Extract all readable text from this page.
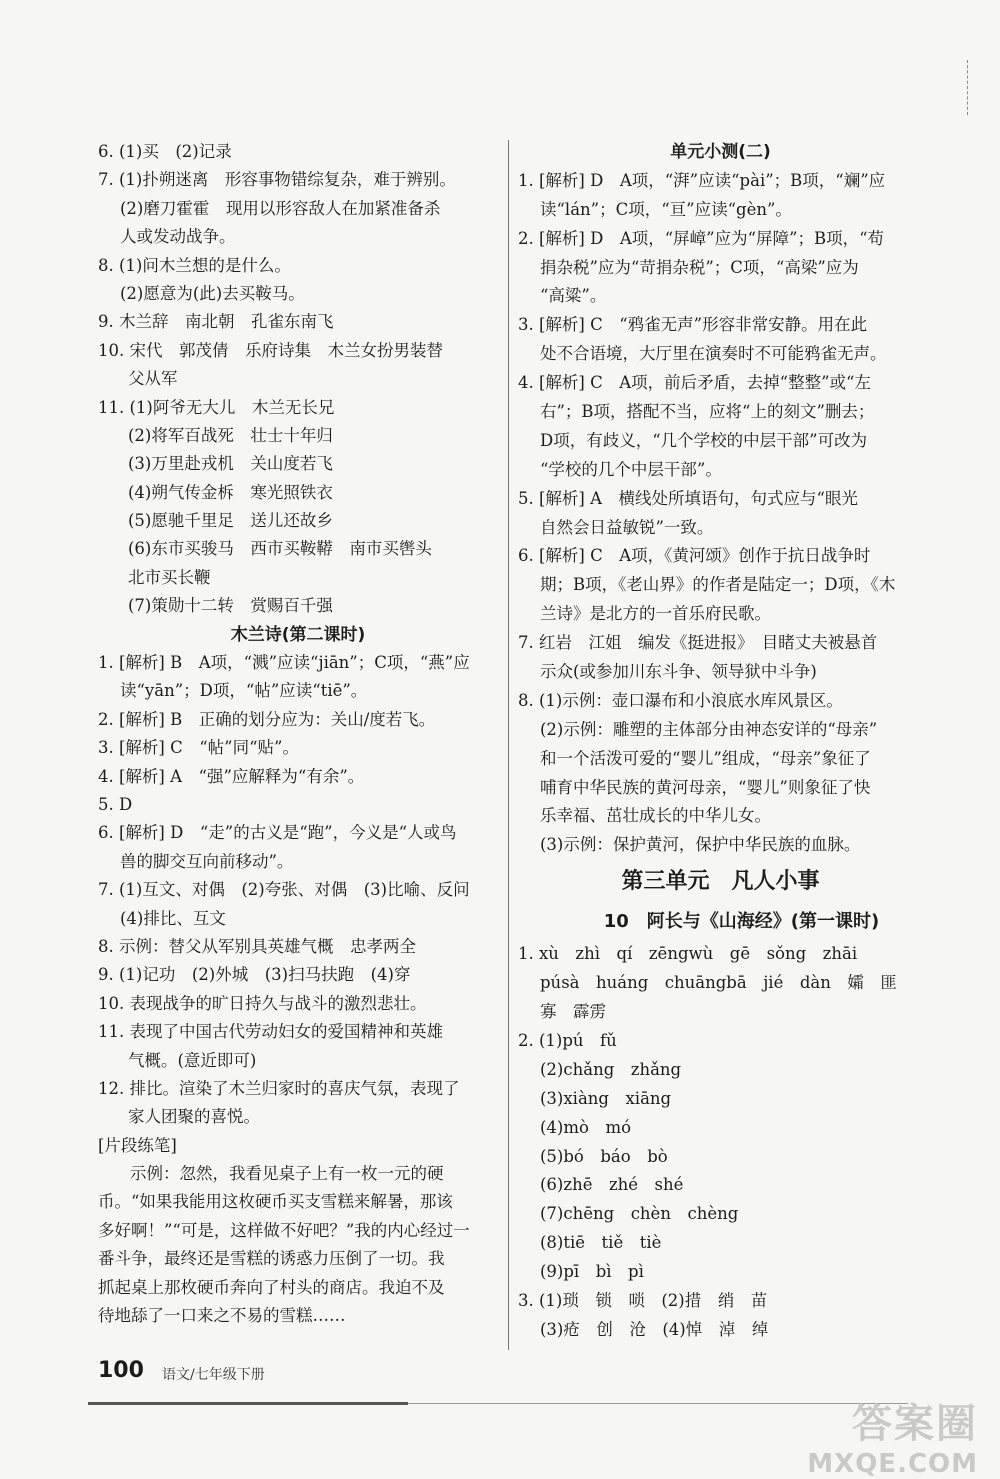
6. (1)买　(2)记录
7. (1)扑朔迷离　形容事物错综复杂，难于辨别。
(2)磨刀霍霍　现用以形容敌人在加紧准备杀
人或发动战争。
8. (1)问木兰想的是什么。
(2)愿意为(此)去买鞍马。
9. 木兰辞　南北朝　孔雀东南飞
10. 宋代　郭茂倩　乐府诗集　木兰女扮男装替
父从军
11. (1)阿爷无大儿　木兰无长兄
(2)将军百战死　壮士十年归
(3)万里赴戎机　关山度若飞
(4)朔气传金柝　寒光照铁衣
(5)愿驰千里足　送儿还故乡
(6)东市买骏马　西市买鞍鞯　南市买辔头
北市买长鞭
(7)策勋十二转　赏赐百千强
木兰诗(第二课时)
1. [解析] B　A项，“溅”应读“jiān”；C项，“燕”应
读“yān”；D项，“帖”应读“tiē”。
2. [解析] B　正确的划分应为：关山/度若飞。
3. [解析] C　“帖”同“贴”。
4. [解析] A　“强”应解释为“有余”。
5. D
6. [解析] D　“走”的古义是“跑”，今义是“人或鸟
兽的脚交互向前移动”。
7. (1)互文、对偶　(2)夸张、对偶　(3)比喻、反问
(4)排比、互文
8. 示例：替父从军别具英雄气概　忠孝两全
9. (1)记功　(2)外城　(3)扫马扶跑　(4)穿
10. 表现战争的旷日持久与战斗的激烈悲壮。
11. 表现了中国古代劳动妇女的爱国精神和英雄
气概。(意近即可)
12. 排比。渲染了木兰归家时的喜庆气氛，表现了
家人团聚的喜悦。
[片段练笔]
示例：忽然，我看见桌子上有一枚一元的硬
币。“如果我能用这枚硬币买支雪糕来解暑，那该
多好啊！”“可是，这样做不好吧？”我的内心经过一
番斗争，最终还是雪糕的诱惑力压倒了一切。我
抓起桌上那枚硬币奔向了村头的商店。我迫不及
待地舔了一口来之不易的雪糕……
单元小测(二)
1. [解析] D　A项，“湃”应读“pài”；B项，“斓”应
读“lán”；C项，“亘”应读“gèn”。
2. [解析] D　A项，“屏嶂”应为“屏障”；B项，“苟
捐杂税”应为“苛捐杂税”；C项，“高梁”应为
“高粱”。
3. [解析] C　“鸦雀无声”形容非常安静。用在此
处不合语境，大厅里在演奏时不可能鸦雀无声。
4. [解析] C　A项，前后矛盾，去掉“整整”或“左
右”；B项，搭配不当，应将“上的刻文”删去；
D项，有歧义，“几个学校的中层干部”可改为
“学校的几个中层干部”。
5. [解析] A　横线处所填语句，句式应与“眼光
自然会日益敏锐”一致。
6. [解析] C　A项，《黄河颂》创作于抗日战争时
期；B项，《老山界》的作者是陆定一；D项，《木
兰诗》是北方的一首乐府民歌。
7. 红岩　江姐　编发《挺进报》　目睹丈夫被悬首
示众(或参加川东斗争、领导狱中斗争)
8. (1)示例：壶口瀑布和小浪底水库风景区。
(2)示例：雕塑的主体部分由神态安详的“母亲”
和一个活泼可爱的“婴儿”组成，“母亲”象征了
哺育中华民族的黄河母亲，“婴儿”则象征了快
乐幸福、茁壮成长的中华儿女。
(3)示例：保护黄河，保护中华民族的血脉。
第三单元　凡人小事
10　阿长与《山海经》(第一课时)
1. xù　zhì　qí　zēngwù　gē　sǒng　zhāi
púsà　huáng　chuāngbā　jié　dàn　孀　匪
寡　霹雳
2. (1)pú　fǔ
(2)chǎng　zhǎng
(3)xiàng　xiāng
(4)mò　mó
(5)bó　báo　bò
(6)zhē　zhé　shé
(7)chēng　chèn　chèng
(8)tiē　tiě　tiè
(9)pī　bì　pì
3. (1)琐　锁　唢　(2)措　绡　苗
(3)疮　创　沧　(4)悼　淖　绰
100 语文/七年级下册
答案圈
MXQE.COM
